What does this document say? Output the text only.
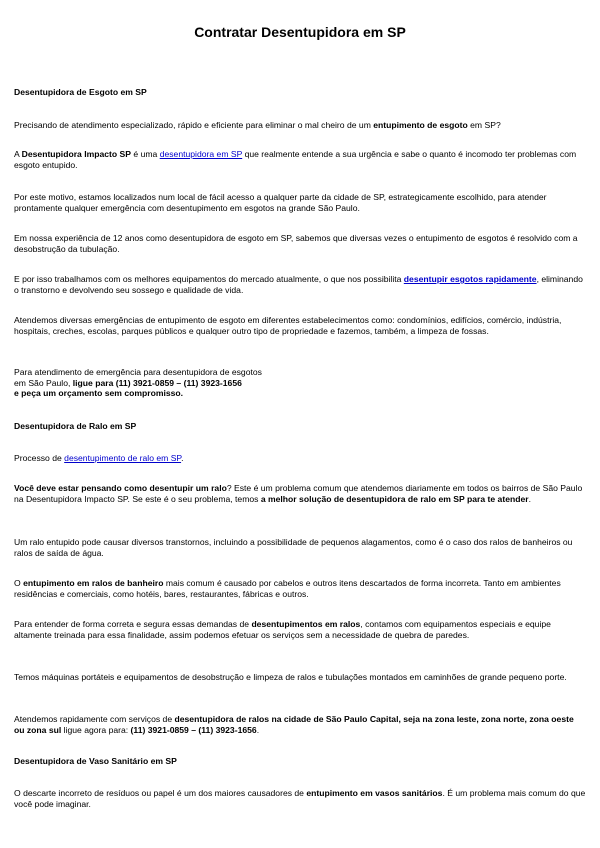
Contratar Desentupidora em SP
Desentupidora de Esgoto em SP
Precisando de atendimento especializado, rápido e eficiente para eliminar o mal cheiro de um entupimento de esgoto em SP?
A Desentupidora Impacto SP é uma desentupidora em SP que realmente entende a sua urgência e sabe o quanto é incomodo ter problemas com esgoto entupido.
Por este motivo, estamos localizados num local de fácil acesso a qualquer parte da cidade de SP, estrategicamente escolhido, para atender prontamente qualquer emergência com desentupimento em esgotos na grande São Paulo.
Em nossa experiência de 12 anos como desentupidora de esgoto em SP, sabemos que diversas vezes o entupimento de esgotos é resolvido com a desobstrução da tubulação.
E por isso trabalhamos com os melhores equipamentos do mercado atualmente, o que nos possibilita desentupir esgotos rapidamente, eliminando o transtorno e devolvendo seu sossego e qualidade de vida.
Atendemos diversas emergências de entupimento de esgoto em diferentes estabelecimentos como: condomínios, edifícios, comércio, indústria, hospitais, creches, escolas, parques públicos e qualquer outro tipo de propriedade e fazemos, também, a limpeza de fossas.
Para atendimento de emergência para desentupidora de esgotos
em São Paulo, ligue para (11) 3921-0859 – (11) 3923-1656
e peça um orçamento sem compromisso.
Desentupidora de Ralo em SP
Processo de desentupimento de ralo em SP.
Você deve estar pensando como desentupir um ralo? Este é um problema comum que atendemos diariamente em todos os bairros de São Paulo na Desentupidora Impacto SP. Se este é o seu problema, temos a melhor solução de desentupidora de ralo em SP para te atender.
Um ralo entupido pode causar diversos transtornos, incluindo a possibilidade de pequenos alagamentos, como é o caso dos ralos de banheiros ou ralos de saída de água.
O entupimento em ralos de banheiro mais comum é causado por cabelos e outros itens descartados de forma incorreta. Tanto em ambientes residências e comerciais, como hotéis, bares, restaurantes, fábricas e outros.
Para entender de forma correta e segura essas demandas de desentupimentos em ralos, contamos com equipamentos especiais e equipe altamente treinada para essa finalidade, assim podemos efetuar os serviços sem a necessidade de quebra de paredes.
Temos máquinas portáteis e equipamentos de desobstrução e limpeza de ralos e tubulações montados em caminhões de grande pequeno porte.
Atendemos rapidamente com serviços de desentupidora de ralos na cidade de São Paulo Capital, seja na zona leste, zona norte, zona oeste ou zona sul ligue agora para: (11) 3921-0859 – (11) 3923-1656.
Desentupidora de Vaso Sanitário em SP
O descarte incorreto de resíduos ou papel é um dos maiores causadores de entupimento em vasos sanitários. É um problema mais comum do que você pode imaginar.
